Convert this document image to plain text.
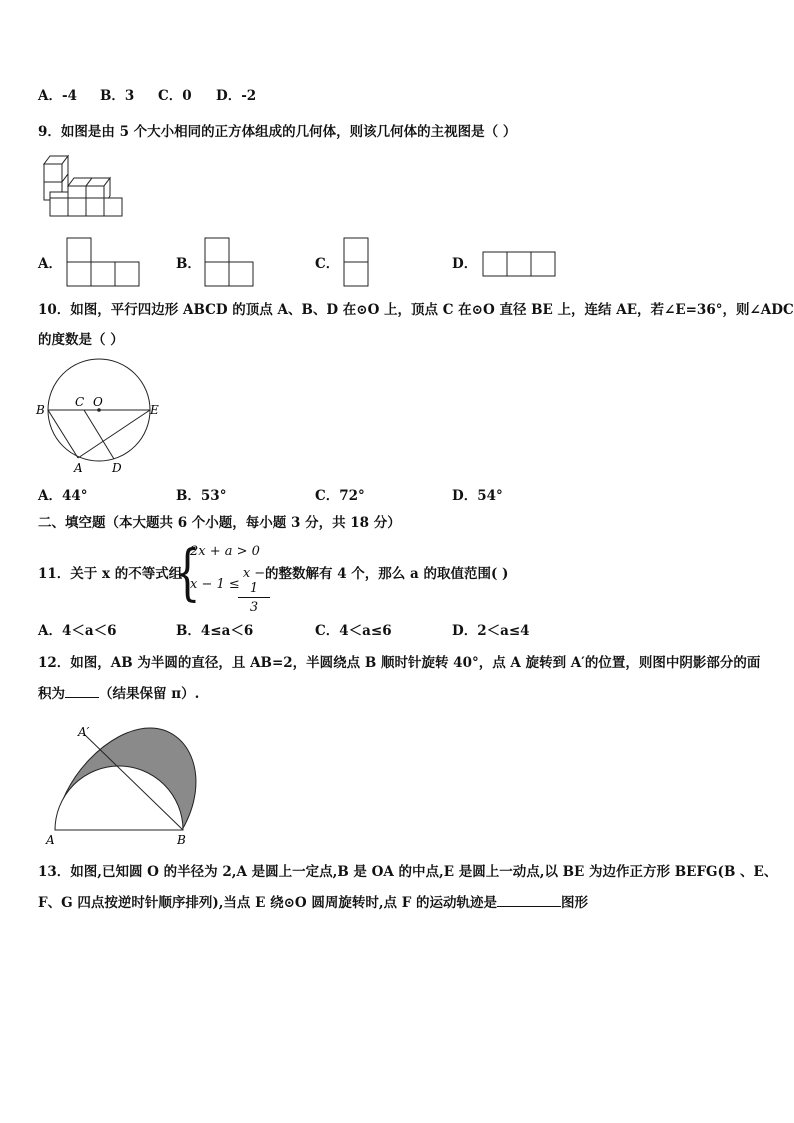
A．-4 B．3 C．0 D．-2
9．如图是由 5 个大小相同的正方体组成的几何体，则该几何体的主视图是（ ）
A．	B．	C．	D．
10．如图，平行四边形 ABCD 的顶点 A、B、D 在⊙O 上，顶点 C 在⊙O 直径 BE 上，连结 AE，若∠E=36°，则∠ADC
的度数是（ ）
B
C O
E
A D
A．44°	B．53°	C．72°	D．54°
二、填空题（本大题共 6 个小题，每小题 3 分，共 18 分）
11．关于 x 的不等式组
{
2x + a > 0
x − 1 ≤
$\frac{x - 1}{3}$
的整数解有 4 个，那么 a 的取值范围( )
A．4＜a＜6	B．4≤a＜6	C．4＜a≤6	D．2＜a≤4
12．如图，AB 为半圆的直径，且 AB=2，半圆绕点 B 顺时针旋转 40°，点 A 旋转到 A′的位置，则图中阴影部分的面
积为	（结果保留 π）.
A′
A	B
13．如图,已知圆 O 的半径为 2,A 是圆上一定点,B 是 OA 的中点,E 是圆上一动点,以 BE 为边作正方形 BEFG(B 、E、
F、G 四点按逆时针顺序排列),当点 E 绕⊙O 圆周旋转时,点 F 的运动轨迹是	图形
